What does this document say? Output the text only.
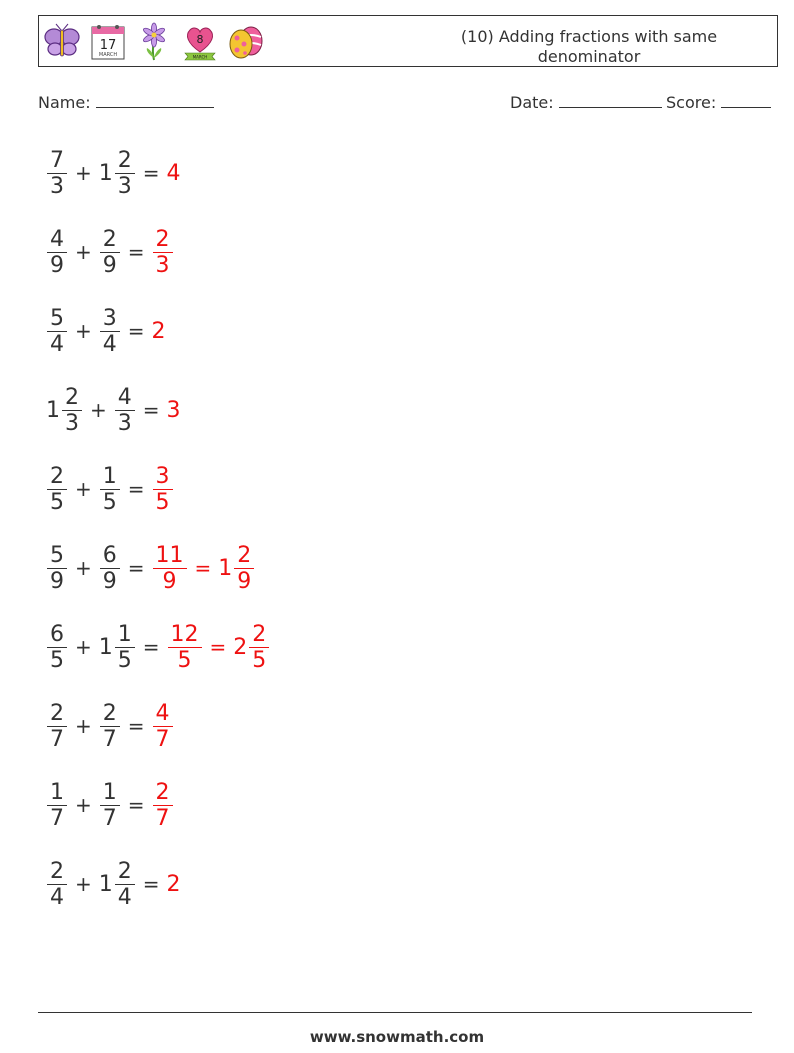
17
MARCH
8
MARCH
(10) Adding fractions with same denominator
Name:	Date:	Score:
$\frac{7}{3} + 1 \frac{2}{3} = 4$
$\frac{4}{9} + \frac{2}{9} = \frac{2}{3}$
$\frac{5}{4} + \frac{3}{4} = 2$
$1 \frac{2}{3} + \frac{4}{3} = 3$
$\frac{2}{5} + \frac{1}{5} = \frac{3}{5}$
$\frac{5}{9} + \frac{6}{9} = \frac{11}{9} = 1 \frac{2}{9}$
$\frac{6}{5} + 1 \frac{1}{5} = \frac{12}{5} = 2 \frac{2}{5}$
$\frac{2}{7} + \frac{2}{7} = \frac{4}{7}$
$\frac{1}{7} + \frac{1}{7} = \frac{2}{7}$
$\frac{2}{4} + 1 \frac{2}{4} = 2$
www.snowmath.com
